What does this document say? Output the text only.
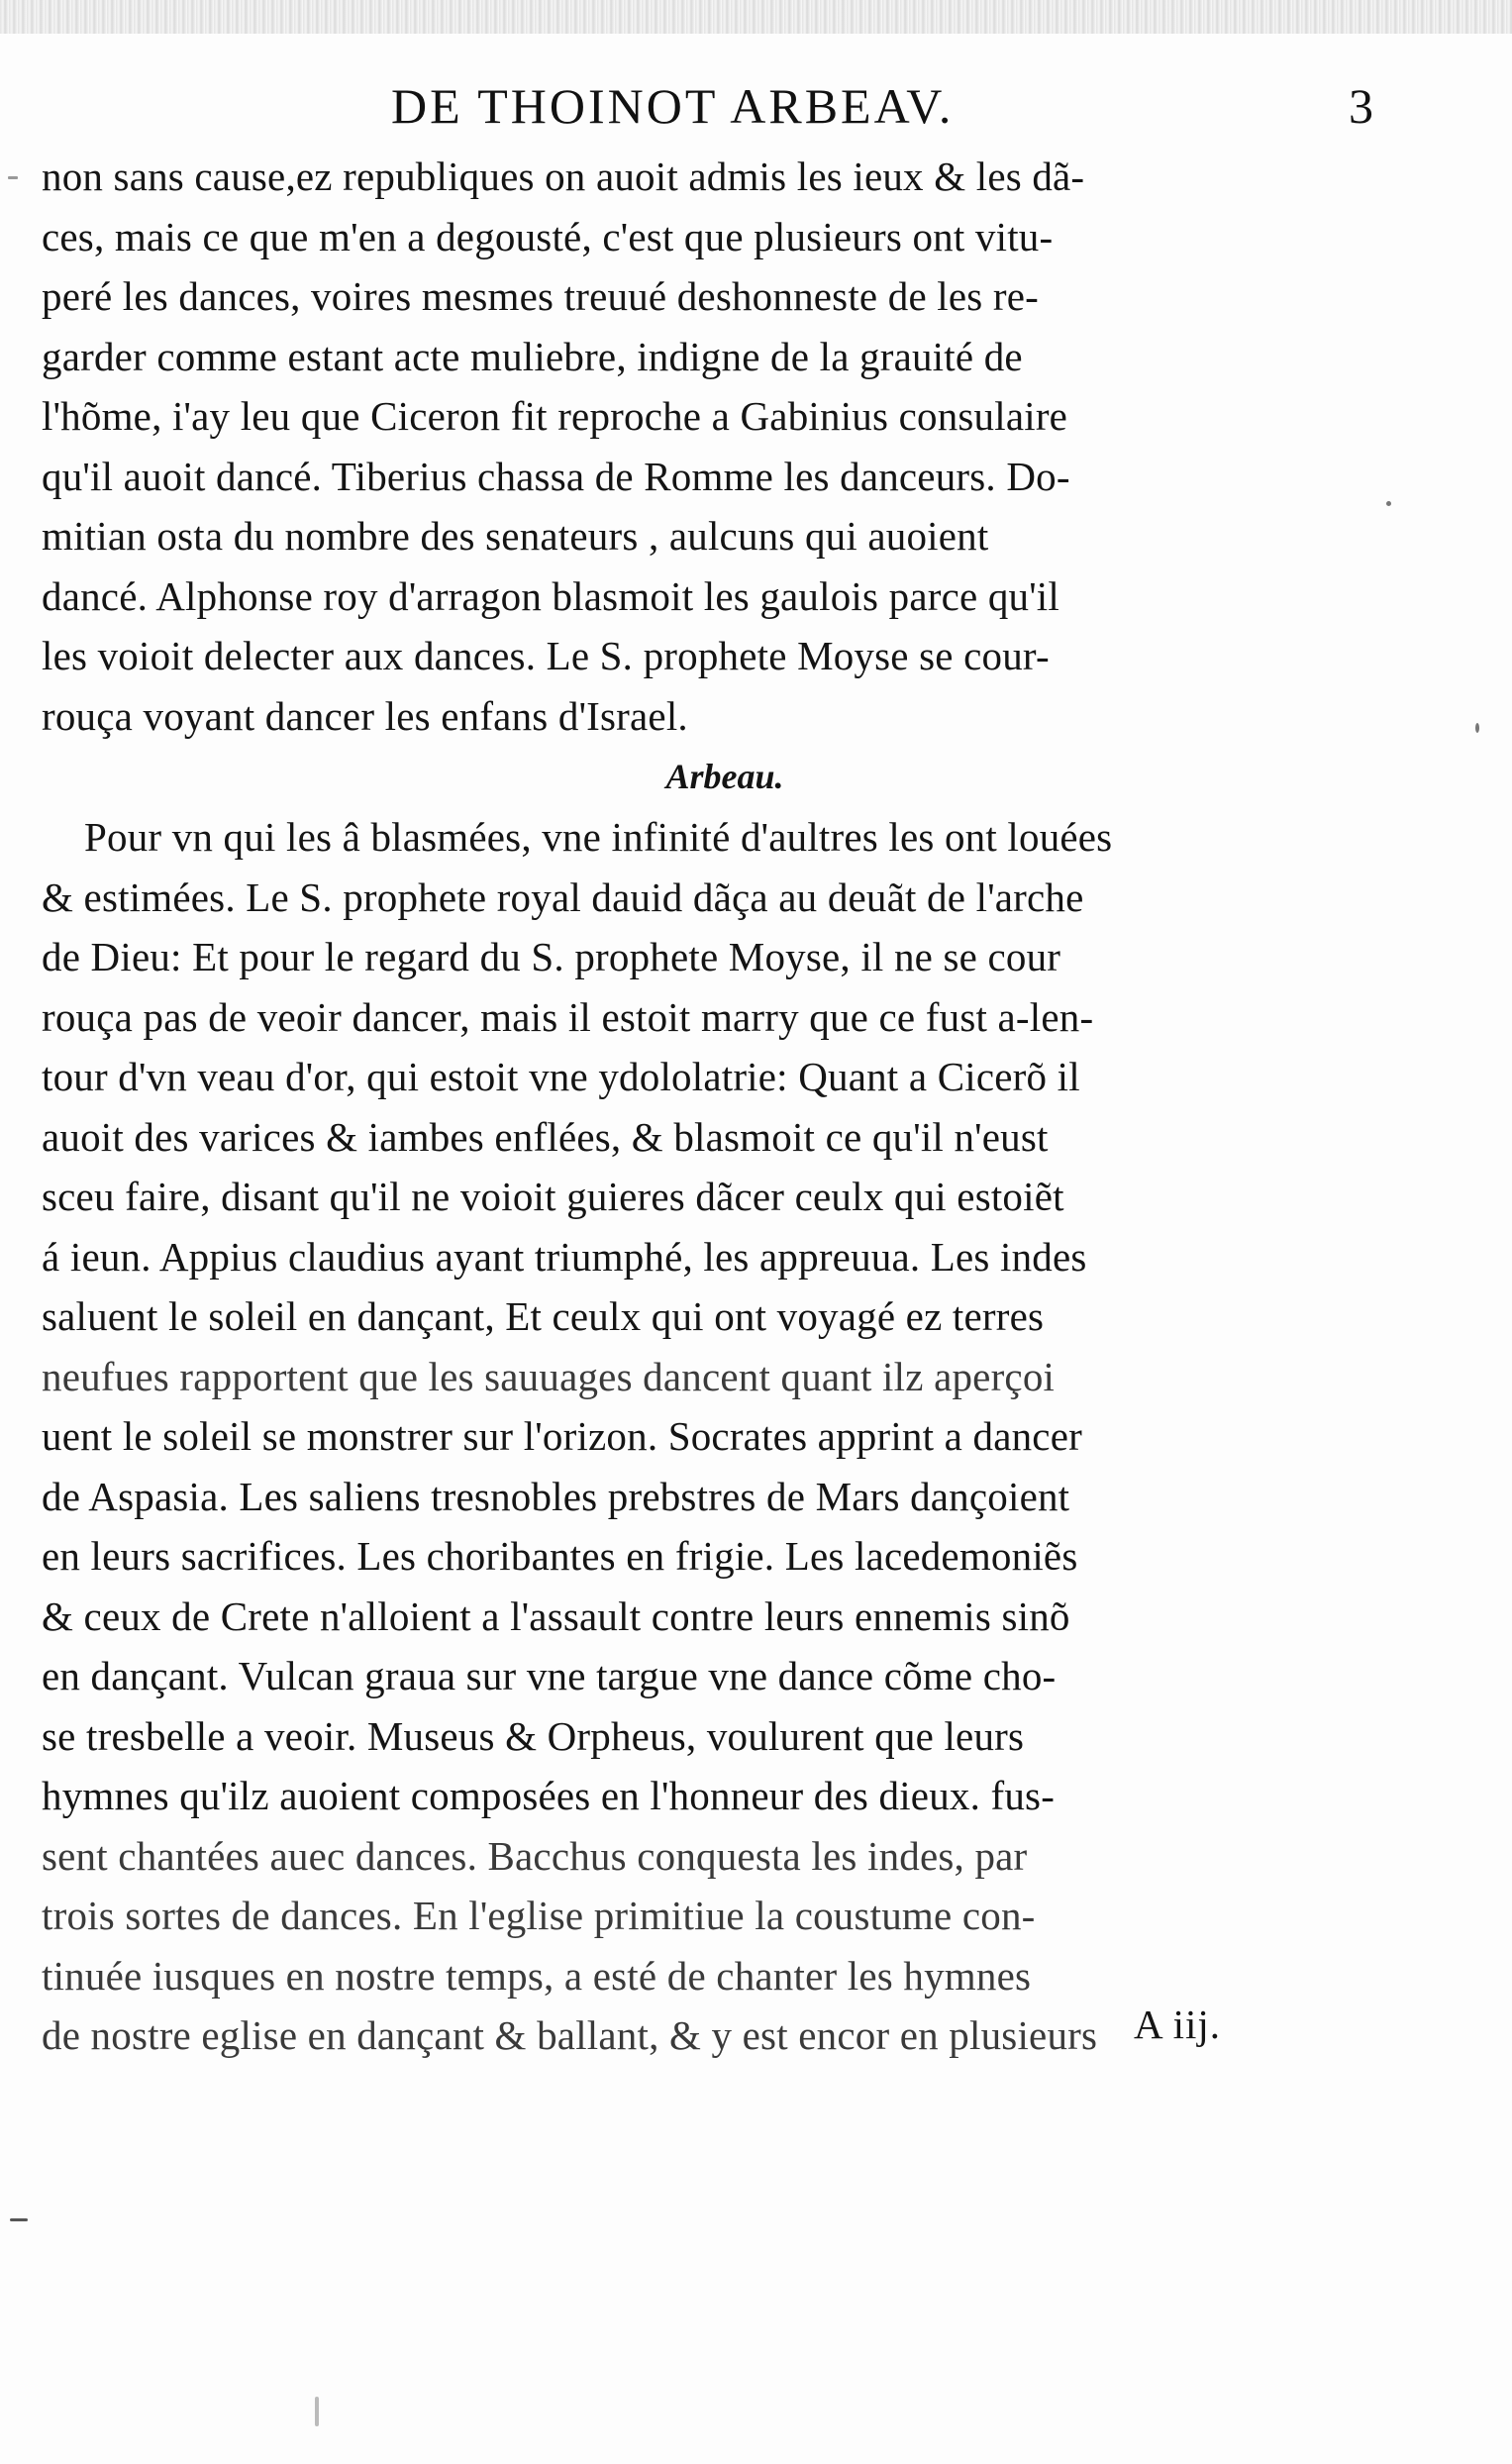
DE THOINOT ARBEAV.	3
non sans cause,ez republiques on auoit admis les ieux & les dã-
ces, mais ce que m'en a degousté, c'est que plusieurs ont vitu-
peré les dances, voires mesmes treuué deshonneste de les re-
garder comme estant acte muliebre, indigne de la grauité de
l'hõme, i'ay leu que Ciceron fit reproche a Gabinius consulaire
qu'il auoit dancé. Tiberius chassa de Romme les danceurs. Do-
mitian osta du nombre des senateurs , aulcuns qui auoient
dancé. Alphonse roy d'arragon blasmoit les gaulois parce qu'il
les voioit delecter aux dances. Le S. prophete Moyse se cour-
rouça voyant dancer les enfans d'Israel.
Arbeau.
Pour vn qui les â blasmées, vne infinité d'aultres les ont louées
& estimées. Le S. prophete royal dauid dãça au deuãt de l'arche
de Dieu: Et pour le regard du S. prophete Moyse, il ne se cour
rouça pas de veoir dancer, mais il estoit marry que ce fust a-len-
tour d'vn veau d'or, qui estoit vne ydololatrie: Quant a Cicerõ il
auoit des varices & iambes enflées, & blasmoit ce qu'il n'eust
sceu faire, disant qu'il ne voioit guieres dãcer ceulx qui estoiẽt
á ieun. Appius claudius ayant triumphé, les appreuua. Les indes
saluent le soleil en dançant, Et ceulx qui ont voyagé ez terres
neufues rapportent que les sauuages dancent quant ilz aperçoi
uent le soleil se monstrer sur l'orizon. Socrates apprint a dancer
de Aspasia. Les saliens tresnobles prebstres de Mars dançoient
en leurs sacrifices. Les choribantes en frigie. Les lacedemoniẽs
& ceux de Crete n'alloient a l'assault contre leurs ennemis sinõ
en dançant. Vulcan graua sur vne targue vne dance cõme cho-
se tresbelle a veoir. Museus & Orpheus, voulurent que leurs
hymnes qu'ilz auoient composées en l'honneur des dieux. fus-
sent chantées auec dances. Bacchus conquesta les indes, par
trois sortes de dances. En l'eglise primitiue la coustume con-
tinuée iusques en nostre temps, a esté de chanter les hymnes
de nostre eglise en dançant & ballant, & y est encor en plusieurs A iij.
